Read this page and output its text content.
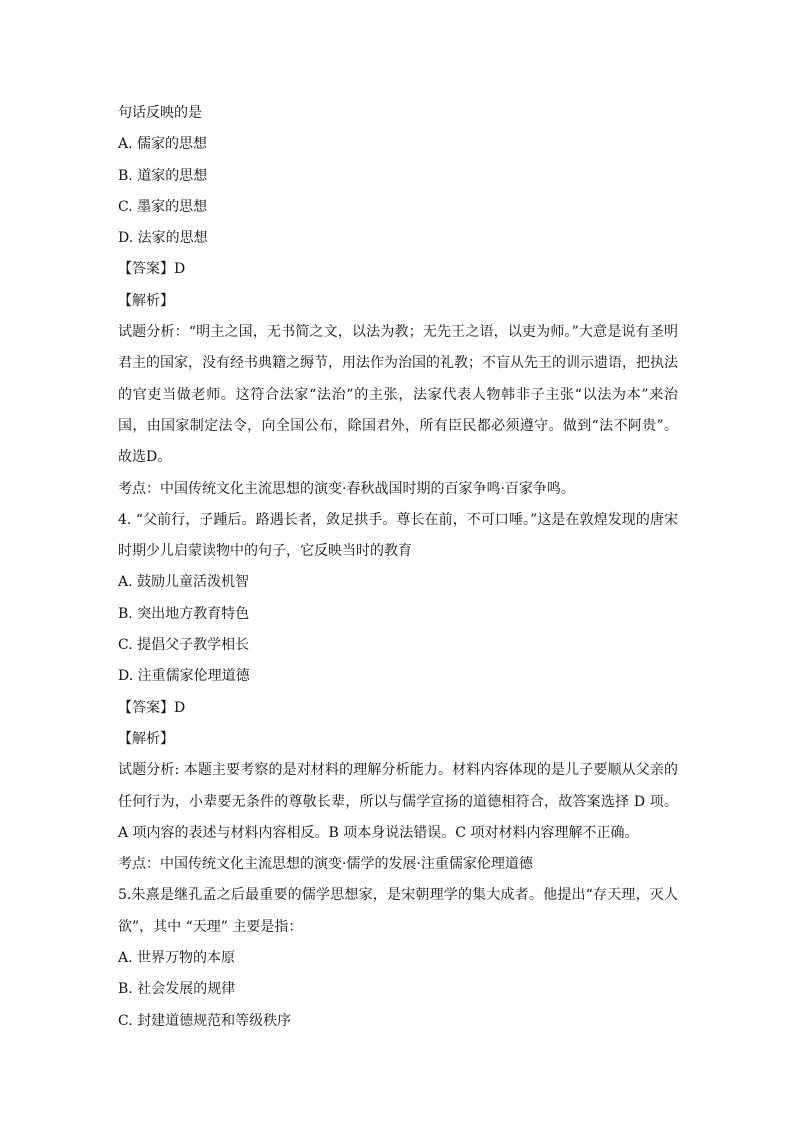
句话反映的是
A. 儒家的思想
B. 道家的思想
C. 墨家的思想
D. 法家的思想
【答案】D
【解析】
试题分析：“明主之国，无书简之文，以法为教；无先王之语，以吏为师。”大意是说有圣明君主的国家，没有经书典籍之缛节，用法作为治国的礼教；不盲从先王的训示遗语，把执法的官吏当做老师。这符合法家“法治”的主张，法家代表人物韩非子主张“以法为本”来治国，由国家制定法令，向全国公布，除国君外，所有臣民都必须遵守。做到“法不阿贵”。故选D。
考点：中国传统文化主流思想的演变·春秋战国时期的百家争鸣·百家争鸣。
4. “父前行，子踵后。路遇长者，敛足拱手。尊长在前，不可口唾。”这是在敦煌发现的唐宋时期少儿启蒙读物中的句子，它反映当时的教育
A. 鼓励儿童活泼机智
B. 突出地方教育特色
C. 提倡父子教学相长
D. 注重儒家伦理道德
【答案】D
【解析】
试题分析: 本题主要考察的是对材料的理解分析能力。材料内容体现的是儿子要顺从父亲的任何行为，小辈要无条件的尊敬长辈，所以与儒学宣扬的道德相符合，故答案选择 D 项。A 项内容的表述与材料内容相反。B 项本身说法错误。C 项对材料内容理解不正确。
考点：中国传统文化主流思想的演变·儒学的发展·注重儒家伦理道德
5.朱熹是继孔孟之后最重要的儒学思想家，是宋朝理学的集大成者。他提出“存天理，灭人欲”，其中 “天理” 主要是指：
A. 世界万物的本原
B. 社会发展的规律
C. 封建道德规范和等级秩序
